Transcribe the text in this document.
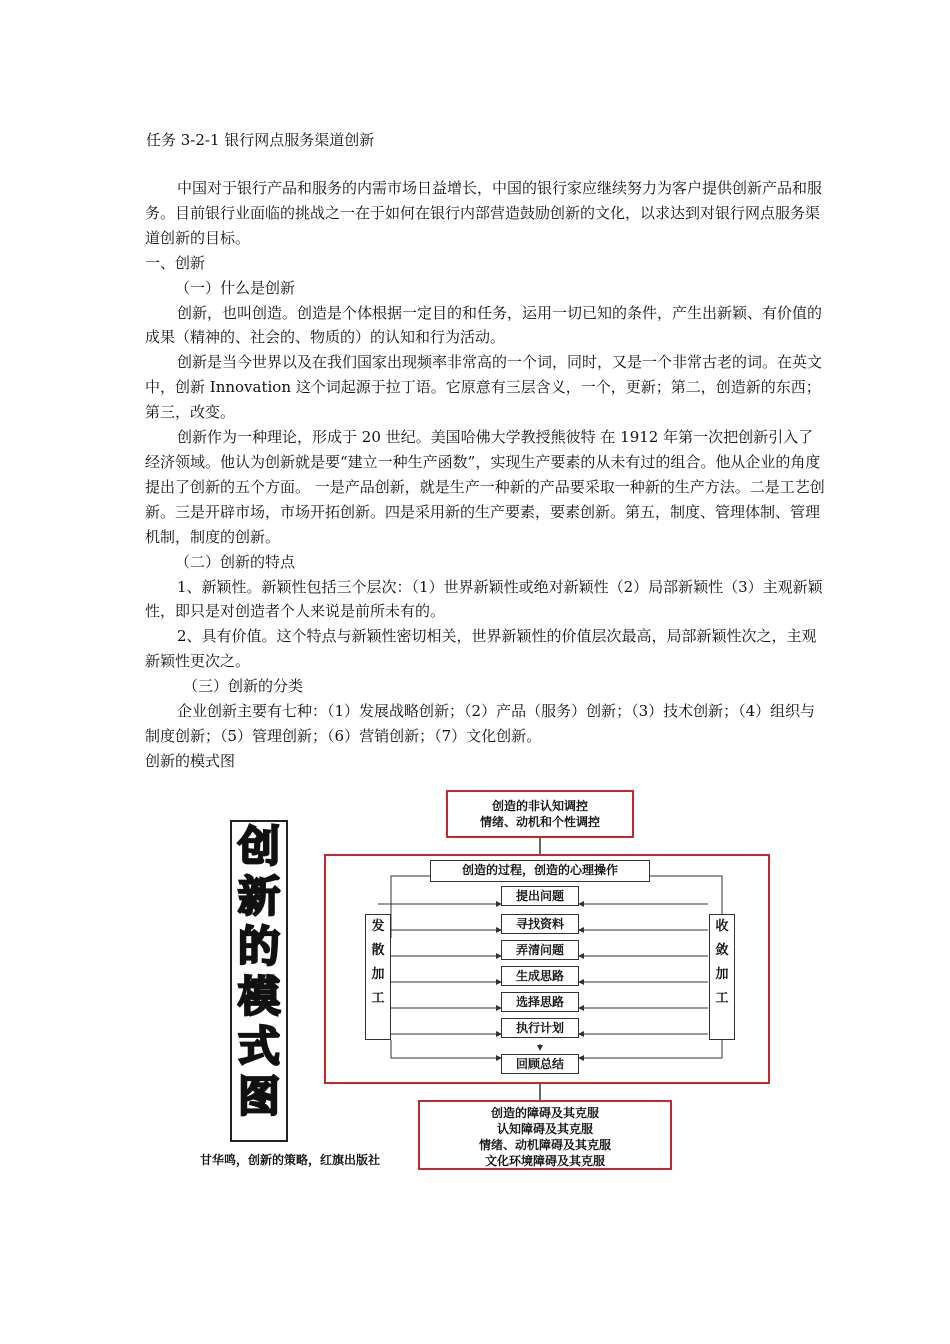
任务 3-2-1 银行网点服务渠道创新

中国对于银行产品和服务的内需市场日益增长，中国的银行家应继续努力为客户提供创新产品和服务。目前银行业面临的挑战之一在于如何在银行内部营造鼓励创新的文化，以求达到对银行网点服务渠道创新的目标。

一、创新

（一）什么是创新

创新，也叫创造。创造是个体根据一定目的和任务，运用一切已知的条件，产生出新颖、有价值的成果（精神的、社会的、物质的）的认知和行为活动。

创新是当今世界以及在我们国家出现频率非常高的一个词，同时，又是一个非常古老的词。在英文中，创新 Innovation 这个词起源于拉丁语。它原意有三层含义，一个，更新；第二，创造新的东西；第三，改变。

创新作为一种理论，形成于 20 世纪。美国哈佛大学教授熊彼特 在 1912 年第一次把创新引入了经济领域。他认为创新就是要“建立一种生产函数”，实现生产要素的从未有过的组合。他从企业的角度提出了创新的五个方面。 一是产品创新，就是生产一种新的产品要采取一种新的生产方法。二是工艺创新。三是开辟市场，市场开拓创新。四是采用新的生产要素，要素创新。第五，制度、管理体制、管理机制，制度的创新。

（二）创新的特点

1、新颖性。新颖性包括三个层次：（1）世界新颖性或绝对新颖性（2）局部新颖性（3）主观新颖性，即只是对创造者个人来说是前所未有的。

2、具有价值。这个特点与新颖性密切相关，世界新颖性的价值层次最高，局部新颖性次之，主观新颖性更次之。

（三）创新的分类

企业创新主要有七种：（1）发展战略创新；（2）产品（服务）创新；（3）技术创新；（4）组织与制度创新；（5）管理创新；（6）营销创新；（7）文化创新。

创新的模式图

创
新
的
模
式
图
创造的非认知调控
情绪、动机和个性调控
创造的过程，创造的心理操作
发
散
加
工
收
敛
加
工
提出问题
寻找资料
弄清问题
生成思路
选择思路
执行计划
回顾总结
创造的障碍及其克服
认知障碍及其克服
情绪、动机障碍及其克服
文化环境障碍及其克服
甘华鸣，创新的策略，红旗出版社
